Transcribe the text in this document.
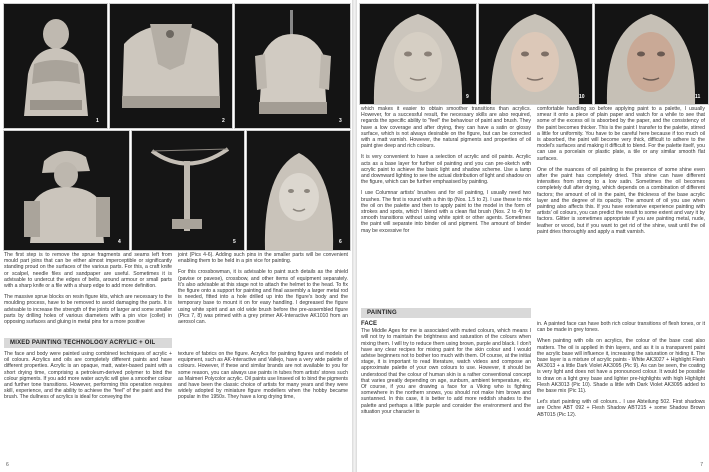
1	2	3
4	5	6

The first step is to remove the sprue fragments and seams left from mould part joins that can be either almost imperceptible or significantly standing proud on the surfaces of the various parts. For this, a craft knife or scalpel, needle files and sandpaper are useful. Sometimes it is advisable to undercut the edges of belts, around armour or small parts with a sharp knife or a file with a sharp edge to add more definition.

The massive sprue blocks on resin figure kits, which are necessary to the moulding process, have to be removed to avoid damaging the parts. It is advisable to increase the strength of the joints of larger and some smaller parts by drilling holes of various diameters with a pin vice (collet) in opposing surfaces and gluing in metal pins for a more positive

joint (Pics 4-6). Adding such pins in the smaller parts will be convenient enabling them to be held in a pin vice for painting.

For this crossbowman, it is advisable to paint such details as the shield (pavise or pavese), crossbow, and other items of equipment separately. It's also advisable at this stage not to attach the helmet to the head. To fix the figure onto a support for painting and final assembly a larger metal rod is needed, fitted into a hole drilled up into the figure's body and the temporary base to mount it on for easy handling. I degreased the figure using white spirit and an old wide brush before the pre-assembled figure (Pics 7, 8) was primed with a grey primer AK-Interactive AK1010 from an aerosol can.

MIXED PAINTING TECHNOLOGY ACRYLIC + OIL

The face and body were painted using combined techniques of acrylic + oil colours. Acrylics and oils are completely different paints and have different properties. Acrylic is an opaque, matt, water-based paint with a short drying time, comprising a petroleum-derived polymer to bind the colour pigments. If you add more water acrylic will give a smoother colour and further tone transitions. However, performing this operation requires skill, experience, and the ability to achieve the "feel" of the paint and the brush. The dullness of acrylics is ideal for conveying the

texture of fabrics on the figure. Acrylics for painting figures and models of equipment, such as AK-Interactive and Vallejo, have a very wide palette of colours. However, if these and similar brands are not available to you for some reason, you can always use paints in tubes from artists' stores such as Maimeri Polycolor acrylic. Oil paints use linseed oil to bind the pigments and have been the classic choice of artists for many years and they were widely adopted by miniature figure modellers when the hobby became popular in the 1950s. They have a long drying time,

6
9	10	11

which makes it easier to obtain smoother transitions than acrylics. However, for a successful result, the necessary skills are also required, regards the specific ability to "feel" the behaviour of paint and brush. They have a low coverage and after drying, they can have a satin or glossy surface, which is not always desirable on the figure, but can be corrected with a matt varnish. However, the natural pigments and properties of oil paint give deep and rich colours.

It is very convenient to have a selection of acrylic and oil paints. Acrylic acts as a base layer for further oil painting and you can pre-sketch with acrylic paint to achieve the basic light and shadow scheme. Use a lamp and downward lighting to see the actual distribution of light and shadow on the figure, which can be further emphasised by painting.

I use Columnar artists' brushes and for oil painting, I usually need two brushes. The first is round with a thin tip (Nos. 1.5 to 2). I use these to mix the oil on the palette and then to apply paint to the model in the form of strokes and spots, which I blend with a clean flat brush (Nos. 2 to 4) for smooth transitions without using white spirit or other agents. Sometimes the paint will separate into binder oil and pigment. The amount of binder may be excessive for

comfortable handling so before applying paint to a palette, I usually smear it onto a piece of plain paper and watch for a while to see that some of the excess oil is absorbed by the paper, and the consistency of the paint becomes thicker. This is the paint I transfer to the palette, stirred a little for uniformity. You have to be careful here because if too much oil is absorbed, the paint will become very thick, difficult to adhere to the model's surfaces and making it difficult to blend. For the palette itself, you can use a porcelain or plastic plate, a tile or any similar smooth flat surfaces.

One of the nuances of oil painting is the presence of some shine even after the paint has completely dried. This shine can have different intensities from strong to a low satin. Sometimes the oil becomes completely dull after drying, which depends on a combination of different factors; the amount of oil in the paint, the thickness of the base acrylic layer and the degree of its opacity. The amount of oil you use when painting also affects this. If you have extensive experience painting with artists' oil colours, you can predict the result to some extent and vary it by factors. Glitter is sometimes appropriate if you are painting metal, nude, leather or wood, but if you want to get rid of the shine, wait until the oil paint dries thoroughly and apply a matt varnish.

PAINTING
FACE

The Middle Ages for me is associated with muted colours, which means I will not try to maintain the brightness and saturation of the colours when mixing them. I will try to reduce them using brown, purple and black. I don't have any clear recipes for mixing paint for the skin colour and I would advise beginners not to bother too much with them. Of course, at the initial stage, it is important to read literature, watch videos and compose an approximate palette of your own colours to use. However, it should be understood that the colour of human skin is a rather conventional concept that varies greatly depending on age, sunburn, ambient temperature, etc. Of course, if you are drawing a face for a Viking who is fighting somewhere in the northern snows, you should not make him brown and suntanned. In this case, it is better to add more reddish shades to the palette and perhaps a little purple and consider the environment and the situation your character is

in. A painted face can have both rich colour transitions of flesh tones, or it can be made in grey tones.

When painting with oils on acrylics, the colour of the base coat also matters. The oil is applied in thin layers, and as it is a transparent paint the acrylic base will influence it, increasing the saturation or hiding it. The base layer is a mixture of acrylic paints - White AK3027 + Highlight Flesh AK3013 + a little Dark Violet AK3095 (Pic 9). As can be seen, the coating is very light and does not have a pronounced colour. It would be possible to draw on a light grey base and lighter pre-highlights with high Highlight Flesh AK3013 (Pic 10). Shade a little with Dark Violet AK3095 added to the base mix (Pic 11).

Let's start painting with oil colours... I use Abteilung 502. First shadows are Ochre ABT 092 + Flesh Shadow ABT215 + some Shadow Brown ABT015 (Pic 12).

7
